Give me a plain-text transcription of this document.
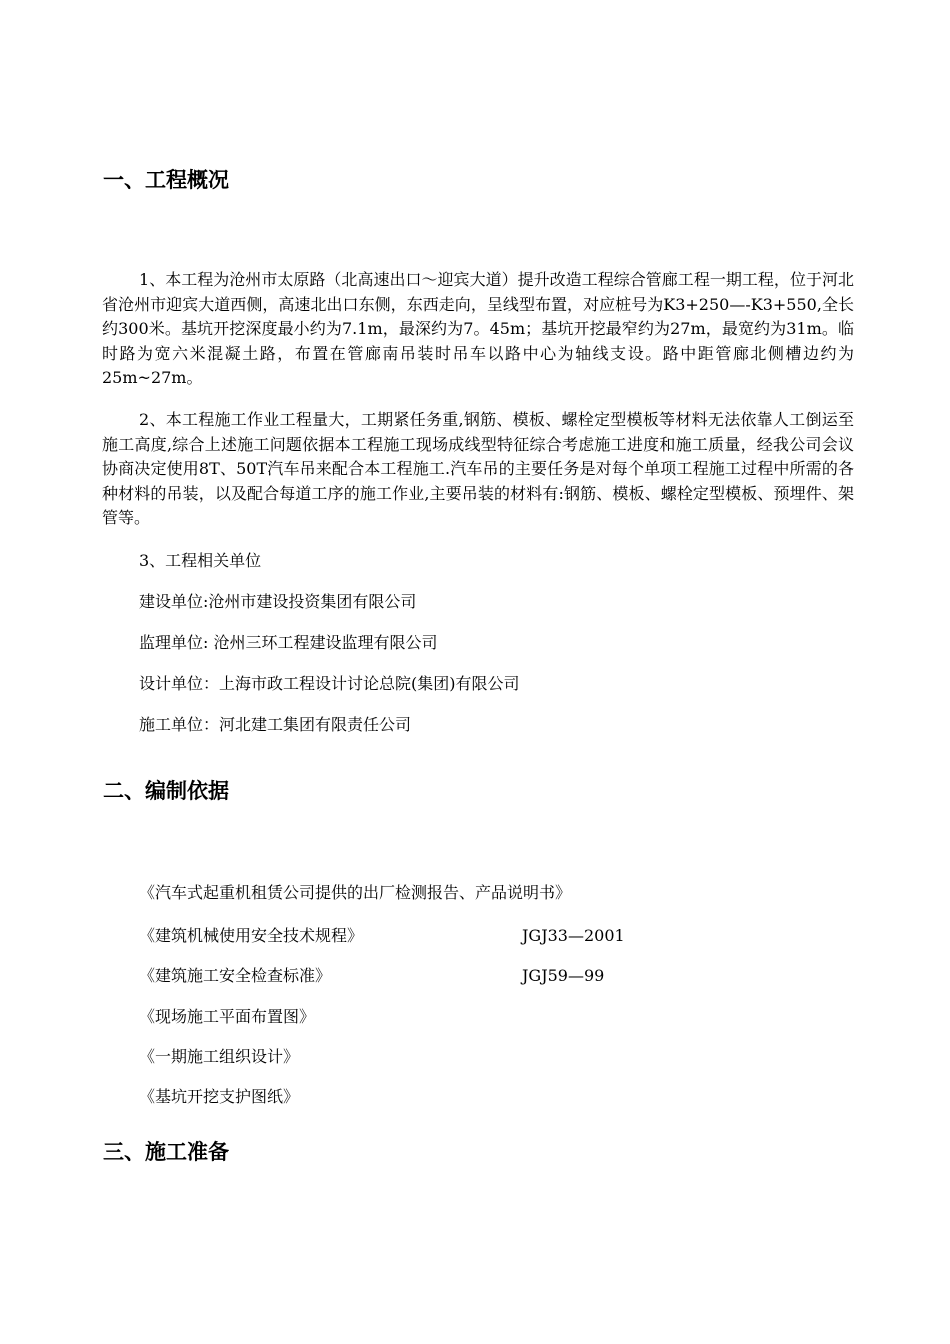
一、工程概况
1、本工程为沧州市太原路（北高速出口～迎宾大道）提升改造工程综合管廊工程一期工程，位于河北省沧州市迎宾大道西侧，高速北出口东侧，东西走向，呈线型布置，对应桩号为K3+250—-K3+550,全长约300米。基坑开挖深度最小约为7.1m，最深约为7。45m；基坑开挖最窄约为27m，最宽约为31m。临时路为宽六米混凝土路，布置在管廊南吊装时吊车以路中心为轴线支设。路中距管廊北侧槽边约为25m~27m。
2、本工程施工作业工程量大，工期紧任务重,钢筋、模板、螺栓定型模板等材料无法依靠人工倒运至施工高度,综合上述施工问题依据本工程施工现场成线型特征综合考虑施工进度和施工质量，经我公司会议协商决定使用8T、50T汽车吊来配合本工程施工.汽车吊的主要任务是对每个单项工程施工过程中所需的各种材料的吊装，以及配合每道工序的施工作业,主要吊装的材料有:钢筋、模板、螺栓定型模板、预埋件、架管等。
3、工程相关单位
建设单位:沧州市建设投资集团有限公司
监理单位: 沧州三环工程建设监理有限公司
设计单位：上海市政工程设计讨论总院(集团)有限公司
施工单位：河北建工集团有限责任公司
二、编制依据
《汽车式起重机租赁公司提供的出厂检测报告、产品说明书》
《建筑机械使用安全技术规程》	JGJ33—2001
《建筑施工安全检查标准》	JGJ59—99
《现场施工平面布置图》
《一期施工组织设计》
《基坑开挖支护图纸》
三、施工准备
